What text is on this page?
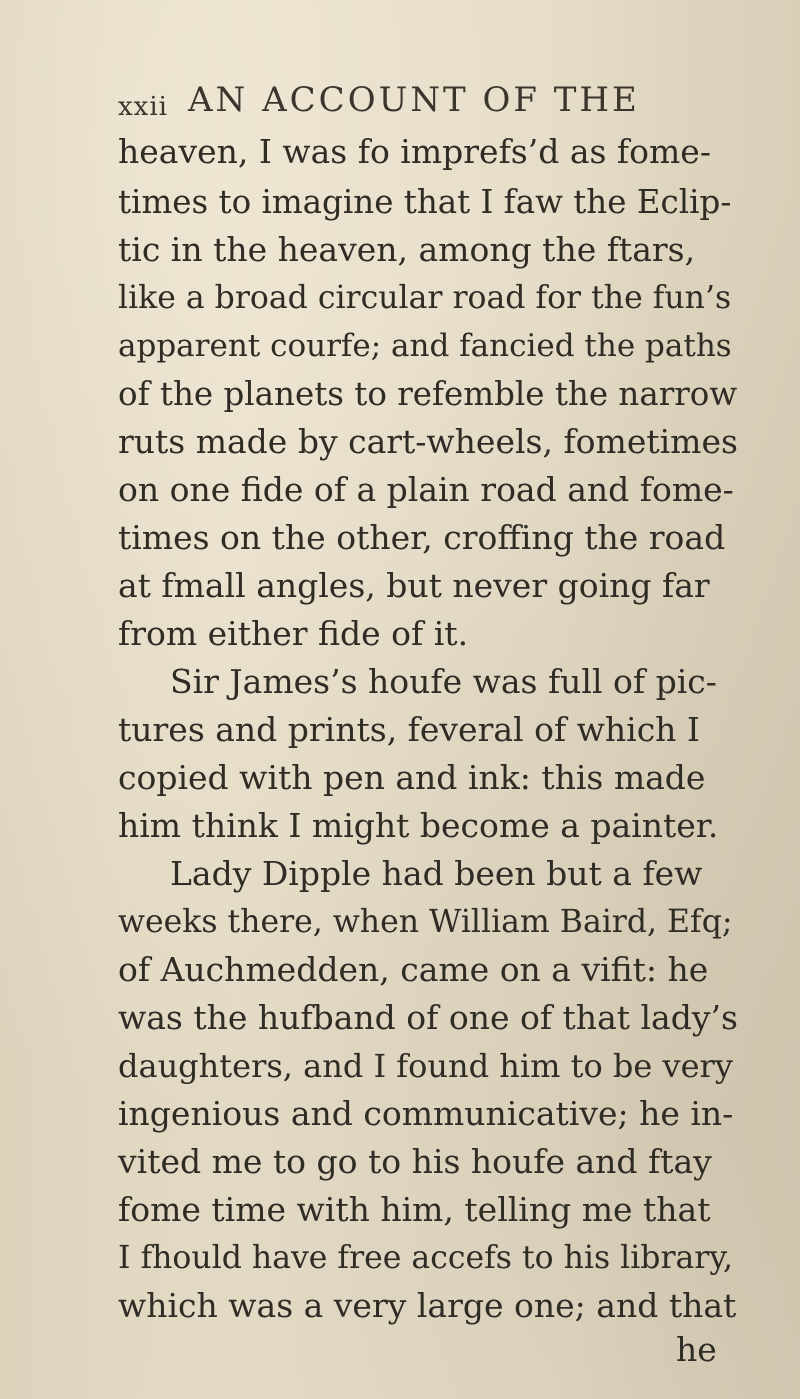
xxii AN ACCOUNT OF THE
heaven, I was fo imprefs’d as fome-
times to imagine that I faw the Eclip-
tic in the heaven, among the ftars,
like a broad circular road for the fun’s
apparent courfe; and fancied the paths
of the planets to refemble the narrow
ruts made by cart-wheels, fometimes
on one fide of a plain road and fome-
times on the other, croffing the road
at fmall angles, but never going far
from either fide of it.
Sir James’s houfe was full of pic-
tures and prints, feveral of which I
copied with pen and ink: this made
him think I might become a painter.
Lady Dipple had been but a few
weeks there, when William Baird, Efq;
of Auchmedden, came on a vifit: he
was the hufband of one of that lady’s
daughters, and I found him to be very
ingenious and communicative; he in-
vited me to go to his houfe and ftay
fome time with him, telling me that
I fhould have free accefs to his library,
which was a very large one; and that
he
